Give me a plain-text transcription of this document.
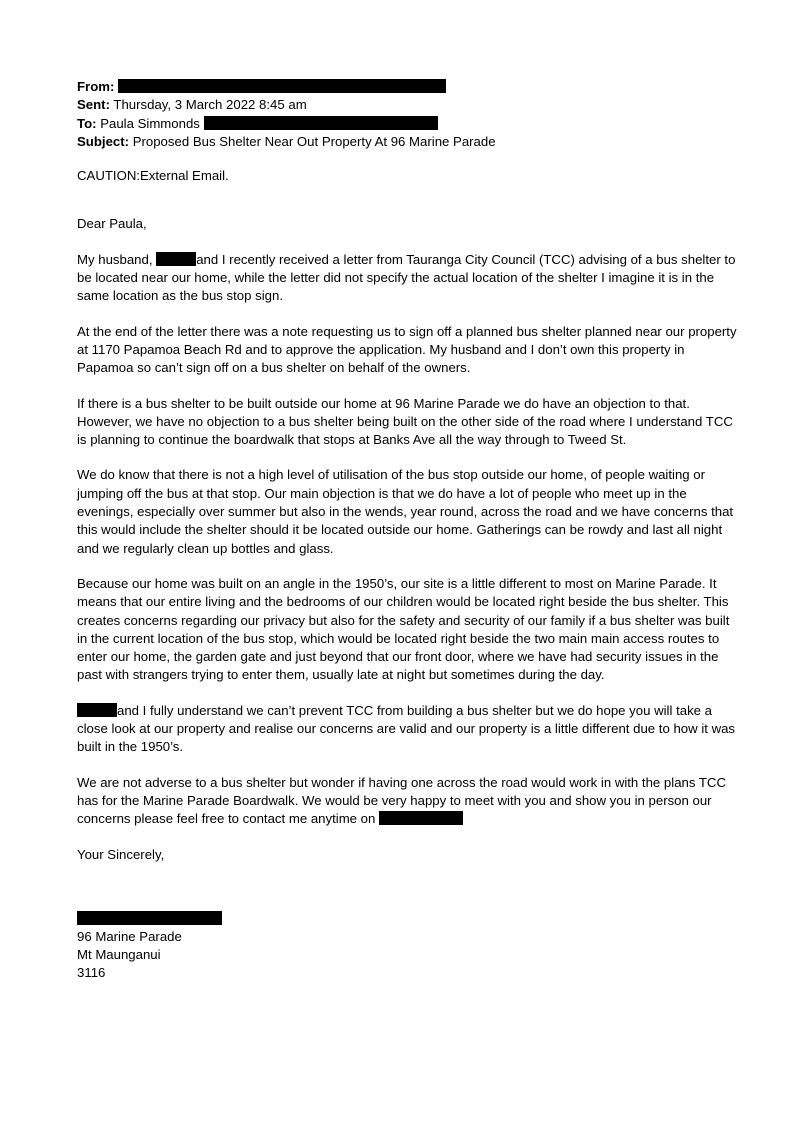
From:

Sent: Thursday, 3 March 2022 8:45 am

To: Paula Simmonds

Subject: Proposed Bus Shelter Near Out Property At 96 Marine Parade

CAUTION:External Email.

Dear Paula,

My husband,	and I recently received a letter from Tauranga City Council (TCC) advising of a bus shelter to be located near our home, while the letter did not specify the actual location of the shelter I imagine it is in the same location as the bus stop sign.

At the end of the letter there was a note requesting us to sign off a planned bus shelter planned near our property at 1170 Papamoa Beach Rd and to approve the application. My husband and I don’t own this property in Papamoa so can’t sign off on a bus shelter on behalf of the owners.

If there is a bus shelter to be built outside our home at 96 Marine Parade we do have an objection to that. However, we have no objection to a bus shelter being built on the other side of the road where I understand TCC is planning to continue the boardwalk that stops at Banks Ave all the way through to Tweed St.

We do know that there is not a high level of utilisation of the bus stop outside our home, of people waiting or jumping off the bus at that stop. Our main objection is that we do have a lot of people who meet up in the evenings, especially over summer but also in the wends, year round, across the road and we have concerns that this would include the shelter should it be located outside our home. Gatherings can be rowdy and last all night and we regularly clean up bottles and glass.

Because our home was built on an angle in the 1950’s, our site is a little different to most on Marine Parade. It means that our entire living and the bedrooms of our children would be located right beside the bus shelter. This creates concerns regarding our privacy but also for the safety and security of our family if a bus shelter was built in the current location of the bus stop, which would be located right beside the two main main access routes to enter our home, the garden gate and just beyond that our front door, where we have had security issues in the past with strangers trying to enter them, usually late at night but sometimes during the day.

and I fully understand we can’t prevent TCC from building a bus shelter but we do hope you will take a close look at our property and realise our concerns are valid and our property is a little different due to how it was built in the 1950’s.

We are not adverse to a bus shelter but wonder if having one across the road would work in with the plans TCC has for the Marine Parade Boardwalk. We would be very happy to meet with you and show you in person our concerns please feel free to contact me anytime on

Your Sincerely,

96 Marine Parade

Mt Maunganui

3116
